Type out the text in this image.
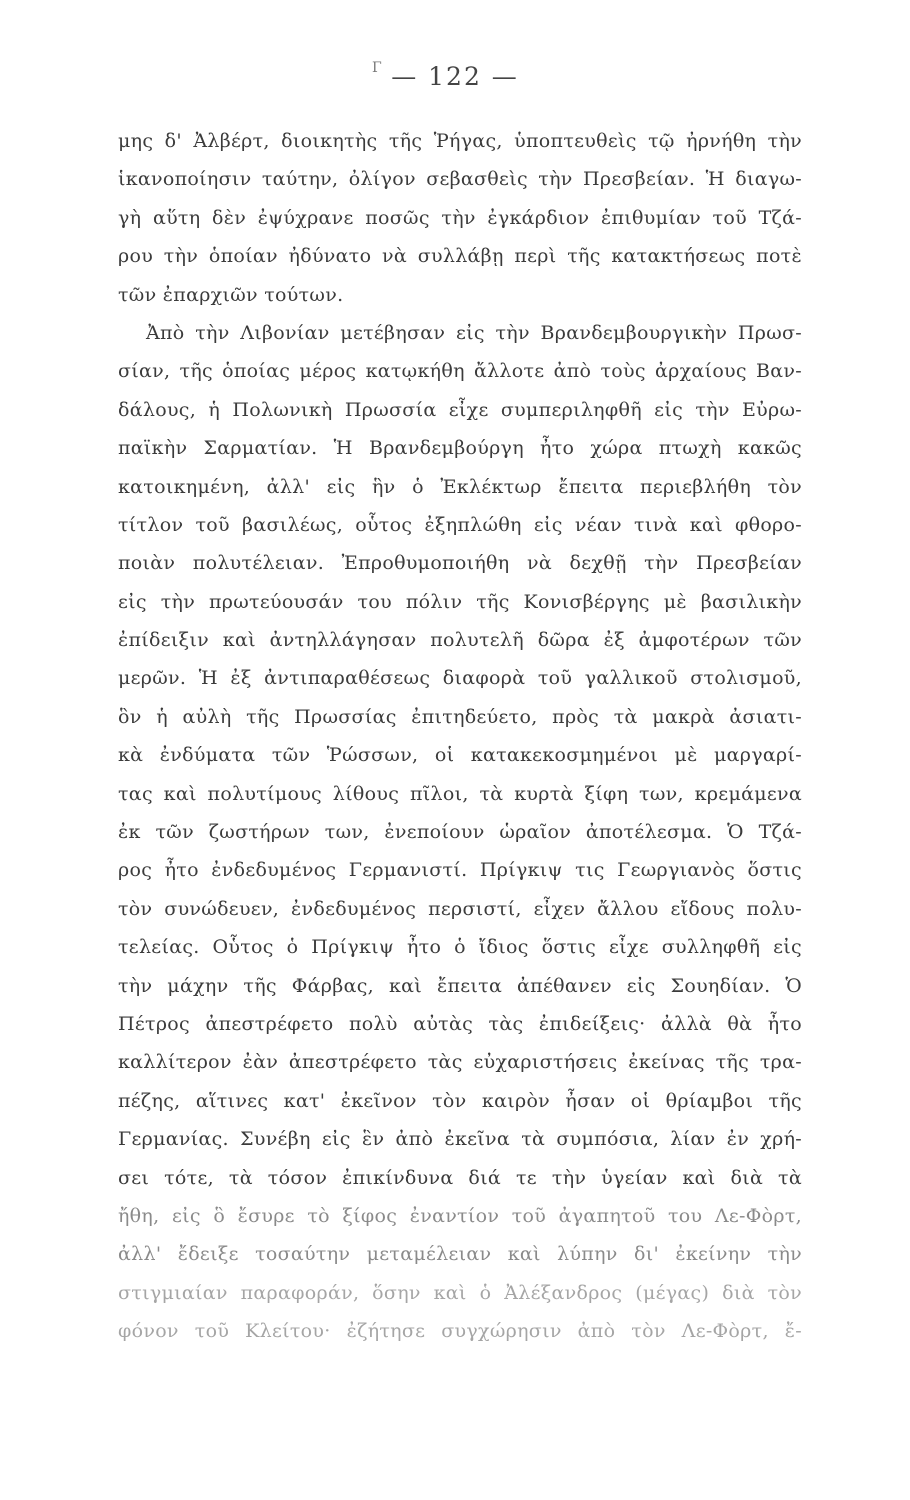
Γ — 122 —
μης δ' Ἀλβέρτ, διοικητὴς τῆς Ῥήγας, ὑποπτευθεὶς τῷ ἠρνήθη τὴν
ἱκανοποίησιν ταύτην, ὀλίγον σεβασθεὶς τὴν Πρεσβείαν. Ἡ διαγω-
γὴ αὕτη δὲν ἐψύχρανε ποσῶς τὴν ἐγκάρδιον ἐπιθυμίαν τοῦ Τζά-
ρου τὴν ὁποίαν ἠδύνατο νὰ συλλάβῃ περὶ τῆς κατακτήσεως ποτὲ
τῶν ἐπαρχιῶν τούτων.
Ἀπὸ τὴν Λιβονίαν μετέβησαν εἰς τὴν Βρανδεμβουργικὴν Πρωσ-
σίαν, τῆς ὁποίας μέρος κατῳκήθη ἄλλοτε ἀπὸ τοὺς ἀρχαίους Βαν-
δάλους, ἡ Πολωνικὴ Πρωσσία εἶχε συμπεριληφθῆ εἰς τὴν Εὐρω-
παϊκὴν Σαρματίαν. Ἡ Βρανδεμβούργη ἦτο χώρα πτωχὴ κακῶς
κατοικημένη, ἀλλ' εἰς ἣν ὁ Ἐκλέκτωρ ἔπειτα περιεβλήθη τὸν
τίτλον τοῦ βασιλέως, οὗτος ἐξηπλώθη εἰς νέαν τινὰ καὶ φθορο-
ποιὰν πολυτέλειαν. Ἐπροθυμοποιήθη νὰ δεχθῇ τὴν Πρεσβείαν
εἰς τὴν πρωτεύουσάν του πόλιν τῆς Κονισβέργης μὲ βασιλικὴν
ἐπίδειξιν καὶ ἀντηλλάγησαν πολυτελῆ δῶρα ἐξ ἀμφοτέρων τῶν
μερῶν. Ἡ ἐξ ἀντιπαραθέσεως διαφορὰ τοῦ γαλλικοῦ στολισμοῦ,
ὃν ἡ αὐλὴ τῆς Πρωσσίας ἐπιτηδεύετο, πρὸς τὰ μακρὰ ἀσιατι-
κὰ ἐνδύματα τῶν Ῥώσσων, οἱ κατακεκοσμημένοι μὲ μαργαρί-
τας καὶ πολυτίμους λίθους πῖλοι, τὰ κυρτὰ ξίφη των, κρεμάμενα
ἐκ τῶν ζωστήρων των, ἐνεποίουν ὡραῖον ἀποτέλεσμα. Ὁ Τζά-
ρος ἦτο ἐνδεδυμένος Γερμανιστί. Πρίγκιψ τις Γεωργιανὸς ὅστις
τὸν συνώδευεν, ἐνδεδυμένος περσιστί, εἶχεν ἄλλου εἴδους πολυ-
τελείας. Οὗτος ὁ Πρίγκιψ ἦτο ὁ ἴδιος ὅστις εἶχε συλληφθῆ εἰς
τὴν μάχην τῆς Φάρβας, καὶ ἔπειτα ἀπέθανεν εἰς Σουηδίαν. Ὁ
Πέτρος ἀπεστρέφετο πολὺ αὐτὰς τὰς ἐπιδείξεις· ἀλλὰ θὰ ἦτο
καλλίτερον ἐὰν ἀπεστρέφετο τὰς εὐχαριστήσεις ἐκείνας τῆς τρα-
πέζης, αἵτινες κατ' ἐκεῖνον τὸν καιρὸν ἦσαν οἱ θρίαμβοι τῆς
Γερμανίας. Συνέβη εἰς ἓν ἀπὸ ἐκεῖνα τὰ συμπόσια, λίαν ἐν χρή-
σει τότε, τὰ τόσον ἐπικίνδυνα διά τε τὴν ὑγείαν καὶ διὰ τὰ
ἤθη, εἰς ὃ ἔσυρε τὸ ξίφος ἐναντίον τοῦ ἀγαπητοῦ του Λε-Φὸρτ,
ἀλλ' ἔδειξε τοσαύτην μεταμέλειαν καὶ λύπην δι' ἐκείνην τὴν
στιγμιαίαν παραφοράν, ὅσην καὶ ὁ Ἀλέξανδρος (μέγας) διὰ τὸν
φόνον τοῦ Κλείτου· ἐζήτησε συγχώρησιν ἀπὸ τὸν Λε-Φὸρτ, ἔ-
